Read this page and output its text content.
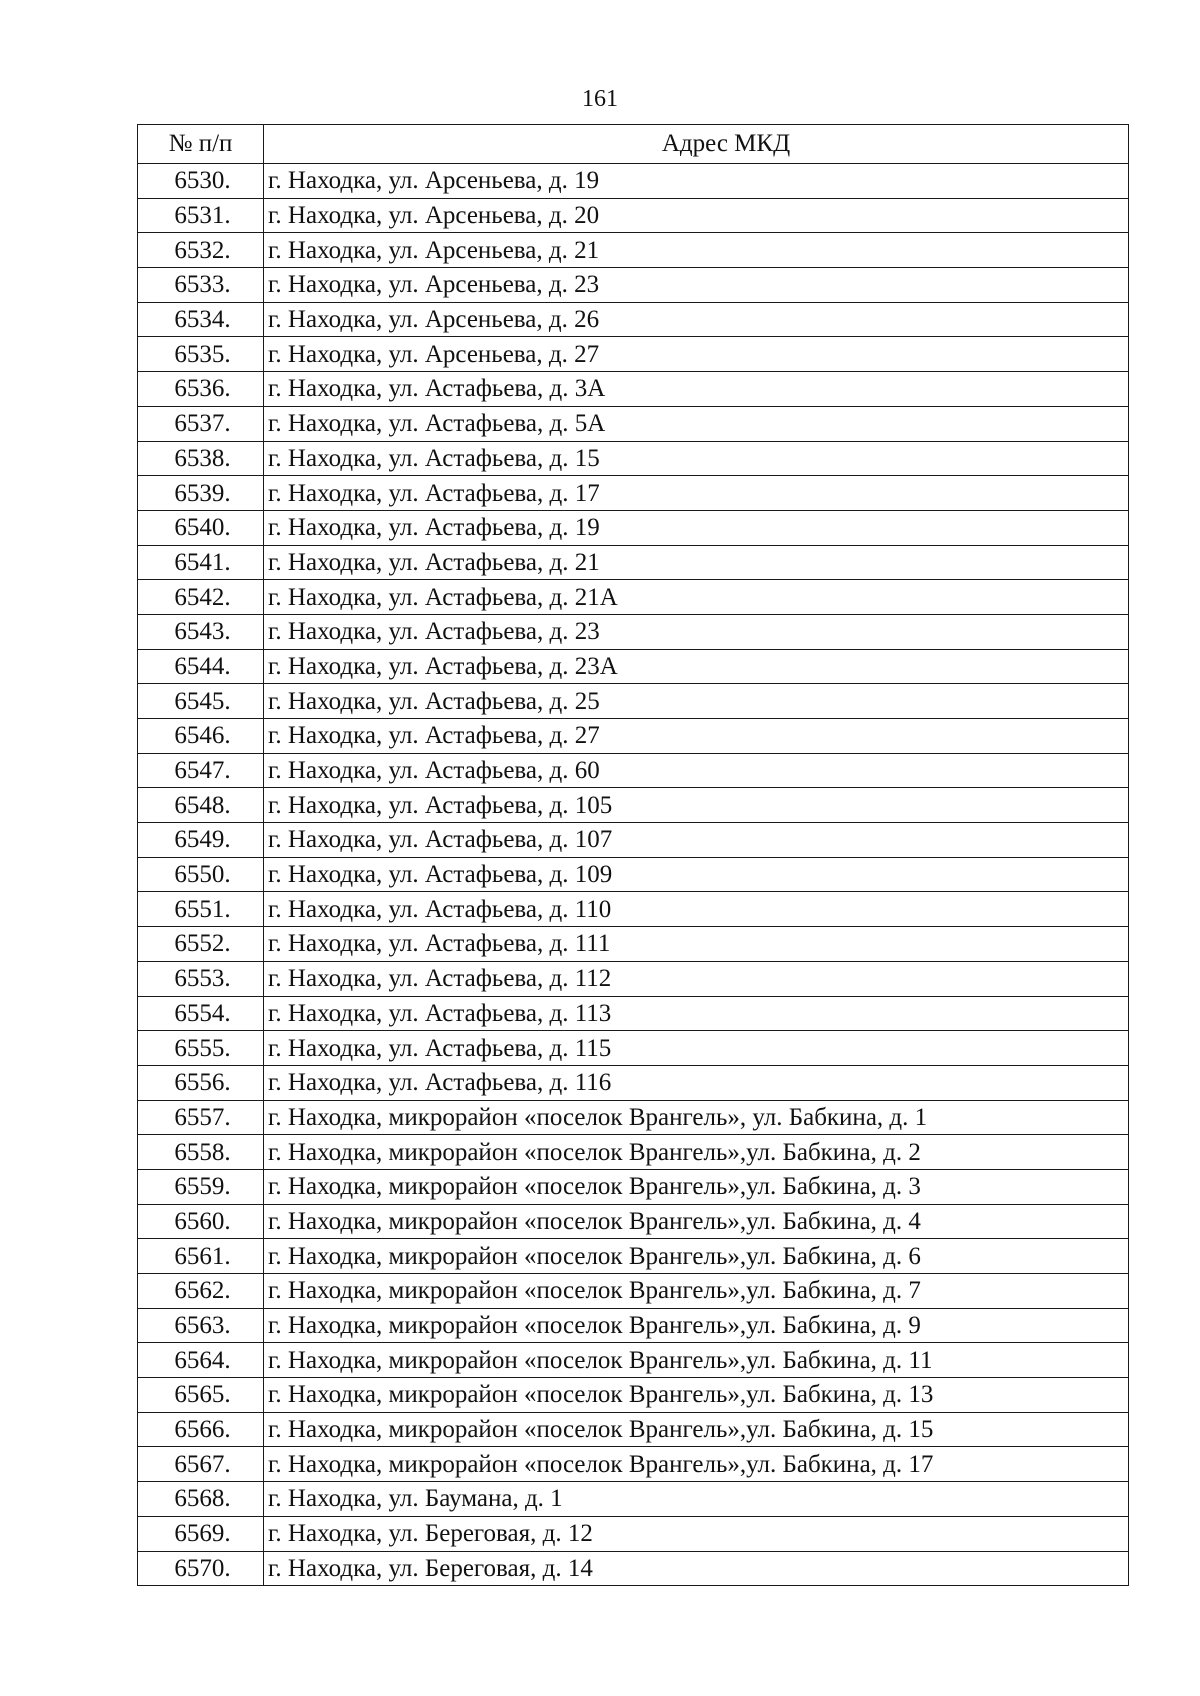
161
№ п/п	Адрес МКД
6530.	г. Находка, ул. Арсеньева, д. 19
6531.	г. Находка, ул. Арсеньева, д. 20
6532.	г. Находка, ул. Арсеньева, д. 21
6533.	г. Находка, ул. Арсеньева, д. 23
6534.	г. Находка, ул. Арсеньева, д. 26
6535.	г. Находка, ул. Арсеньева, д. 27
6536.	г. Находка, ул. Астафьева, д. 3А
6537.	г. Находка, ул. Астафьева, д. 5А
6538.	г. Находка, ул. Астафьева, д. 15
6539.	г. Находка, ул. Астафьева, д. 17
6540.	г. Находка, ул. Астафьева, д. 19
6541.	г. Находка, ул. Астафьева, д. 21
6542.	г. Находка, ул. Астафьева, д. 21А
6543.	г. Находка, ул. Астафьева, д. 23
6544.	г. Находка, ул. Астафьева, д. 23А
6545.	г. Находка, ул. Астафьева, д. 25
6546.	г. Находка, ул. Астафьева, д. 27
6547.	г. Находка, ул. Астафьева, д. 60
6548.	г. Находка, ул. Астафьева, д. 105
6549.	г. Находка, ул. Астафьева, д. 107
6550.	г. Находка, ул. Астафьева, д. 109
6551.	г. Находка, ул. Астафьева, д. 110
6552.	г. Находка, ул. Астафьева, д. 111
6553.	г. Находка, ул. Астафьева, д. 112
6554.	г. Находка, ул. Астафьева, д. 113
6555.	г. Находка, ул. Астафьева, д. 115
6556.	г. Находка, ул. Астафьева, д. 116
6557.	г. Находка, микрорайон «поселок Врангель», ул. Бабкина, д. 1
6558.	г. Находка, микрорайон «поселок Врангель»,ул. Бабкина, д. 2
6559.	г. Находка, микрорайон «поселок Врангель»,ул. Бабкина, д. 3
6560.	г. Находка, микрорайон «поселок Врангель»,ул. Бабкина, д. 4
6561.	г. Находка, микрорайон «поселок Врангель»,ул. Бабкина, д. 6
6562.	г. Находка, микрорайон «поселок Врангель»,ул. Бабкина, д. 7
6563.	г. Находка, микрорайон «поселок Врангель»,ул. Бабкина, д. 9
6564.	г. Находка, микрорайон «поселок Врангель»,ул. Бабкина, д. 11
6565.	г. Находка, микрорайон «поселок Врангель»,ул. Бабкина, д. 13
6566.	г. Находка, микрорайон «поселок Врангель»,ул. Бабкина, д. 15
6567.	г. Находка, микрорайон «поселок Врангель»,ул. Бабкина, д. 17
6568.	г. Находка, ул. Баумана, д. 1
6569.	г. Находка, ул. Береговая, д. 12
6570.	г. Находка, ул. Береговая, д. 14
